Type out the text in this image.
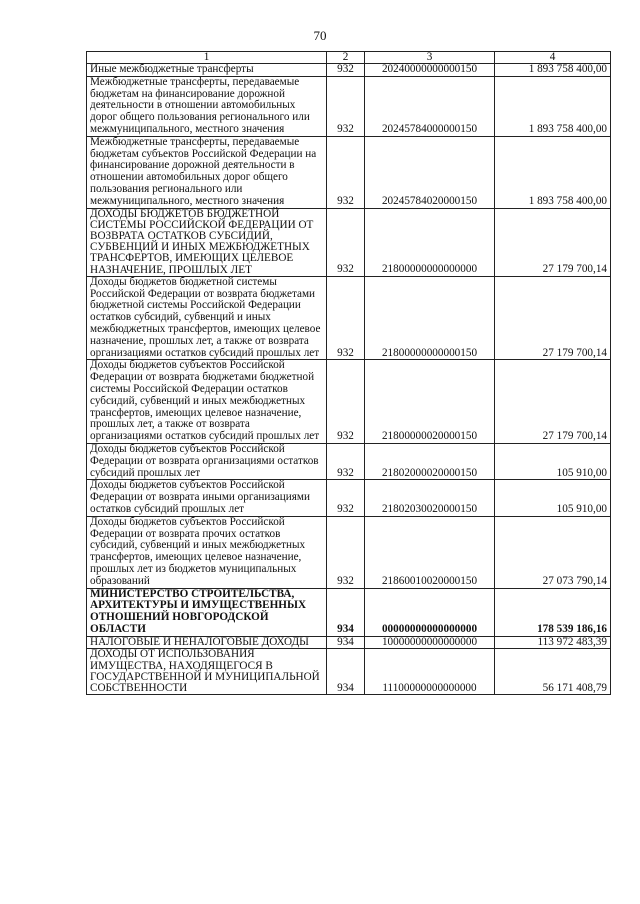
70
1	2	3	4
Иные межбюджетные трансферты	932	20240000000000150	1 893 758 400,00
Межбюджетные трансферты, передаваемые бюджетам на финансирование дорожной деятельности в отношении автомобильных дорог общего пользования регионального или межмуниципального, местного значения	932	20245784000000150	1 893 758 400,00
Межбюджетные трансферты, передаваемые бюджетам субъектов Российской Федерации на финансирование дорожной деятельности в отношении автомобильных дорог общего пользования регионального или межмуниципального, местного значения	932	20245784020000150	1 893 758 400,00
ДОХОДЫ БЮДЖЕТОВ БЮДЖЕТНОЙ СИСТЕМЫ РОССИЙСКОЙ ФЕДЕРАЦИИ ОТ ВОЗВРАТА ОСТАТКОВ СУБСИДИЙ, СУБВЕНЦИЙ И ИНЫХ МЕЖБЮДЖЕТНЫХ ТРАНСФЕРТОВ, ИМЕЮЩИХ ЦЕЛЕВОЕ НАЗНАЧЕНИЕ, ПРОШЛЫХ ЛЕТ	932	21800000000000000	27 179 700,14
Доходы бюджетов бюджетной системы Российской Федерации от возврата бюджетами бюджетной системы Российской Федерации остатков субсидий, субвенций и иных межбюджетных трансфертов, имеющих целевое назначение, прошлых лет, а также от возврата организациями остатков субсидий прошлых лет	932	21800000000000150	27 179 700,14
Доходы бюджетов субъектов Российской Федерации от возврата бюджетами бюджетной системы Российской Федерации остатков субсидий, субвенций и иных межбюджетных трансфертов, имеющих целевое назначение, прошлых лет, а также от возврата организациями остатков субсидий прошлых лет	932	21800000020000150	27 179 700,14
Доходы бюджетов субъектов Российской Федерации от возврата организациями остатков субсидий прошлых лет	932	21802000020000150	105 910,00
Доходы бюджетов субъектов Российской Федерации от возврата иными организациями остатков субсидий прошлых лет	932	21802030020000150	105 910,00
Доходы бюджетов субъектов Российской Федерации от возврата прочих остатков субсидий, субвенций и иных межбюджетных трансфертов, имеющих целевое назначение, прошлых лет из бюджетов муниципальных образований	932	21860010020000150	27 073 790,14
МИНИСТЕРСТВО СТРОИТЕЛЬСТВА, АРХИТЕКТУРЫ И ИМУЩЕСТВЕННЫХ ОТНОШЕНИЙ НОВГОРОДСКОЙ ОБЛАСТИ	934	00000000000000000	178 539 186,16
НАЛОГОВЫЕ И НЕНАЛОГОВЫЕ ДОХОДЫ	934	10000000000000000	113 972 483,39
ДОХОДЫ ОТ ИСПОЛЬЗОВАНИЯ ИМУЩЕСТВА, НАХОДЯЩЕГОСЯ В ГОСУДАРСТВЕННОЙ И МУНИЦИПАЛЬНОЙ СОБСТВЕННОСТИ	934	11100000000000000	56 171 408,79
